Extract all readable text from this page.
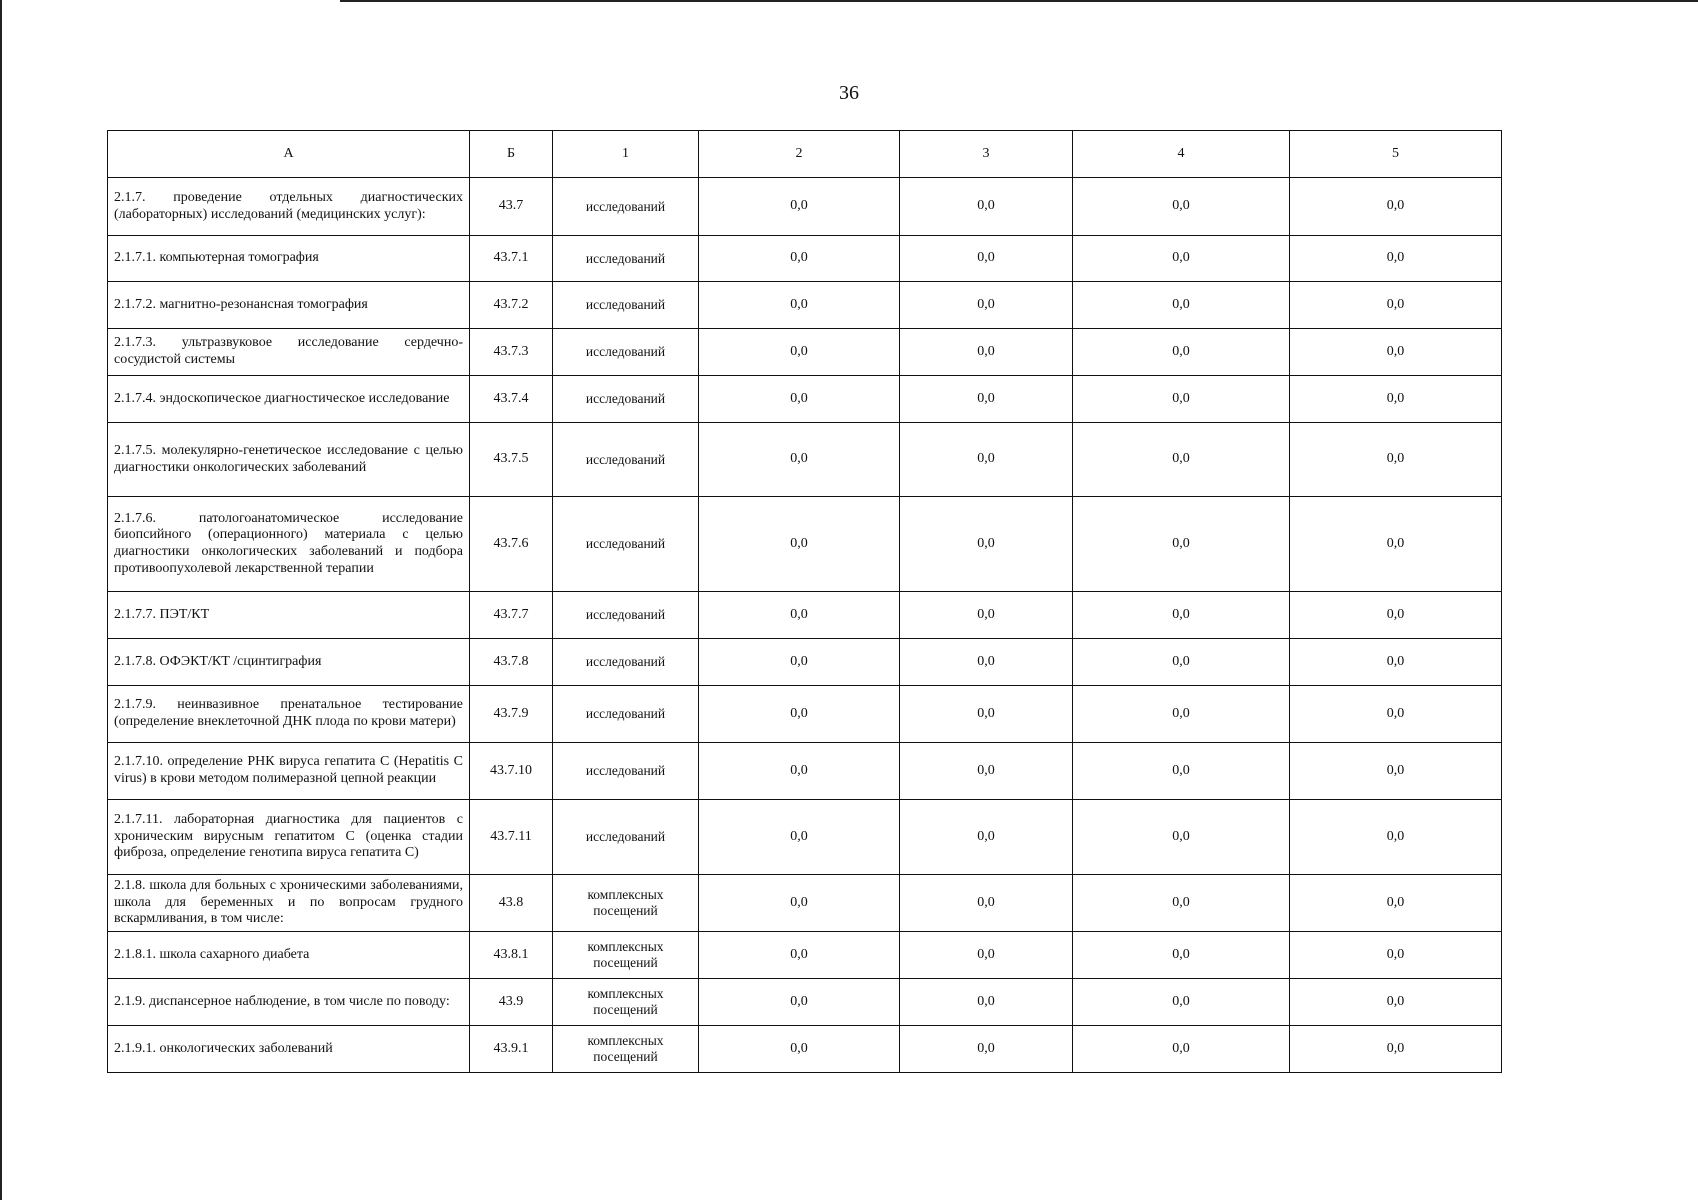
36
А	Б	1	2	3	4	5
2.1.7. проведение отдельных диагностических (лабораторных) исследований (медицинских услуг):	43.7	исследований	0,0	0,0	0,0	0,0
2.1.7.1. компьютерная томография	43.7.1	исследований	0,0	0,0	0,0	0,0
2.1.7.2. магнитно-резонансная томография	43.7.2	исследований	0,0	0,0	0,0	0,0
2.1.7.3. ультразвуковое исследование сердечно-сосудистой системы	43.7.3	исследований	0,0	0,0	0,0	0,0
2.1.7.4. эндоскопическое диагностическое исследование	43.7.4	исследований	0,0	0,0	0,0	0,0
2.1.7.5. молекулярно-генетическое исследование с целью диагностики онкологических заболеваний	43.7.5	исследований	0,0	0,0	0,0	0,0
2.1.7.6. патологоанатомическое исследование биопсийного (операционного) материала с целью диагностики онкологических заболеваний и подбора противоопухолевой лекарственной терапии	43.7.6	исследований	0,0	0,0	0,0	0,0
2.1.7.7. ПЭТ/КТ	43.7.7	исследований	0,0	0,0	0,0	0,0
2.1.7.8. ОФЭКТ/КТ /сцинтиграфия	43.7.8	исследований	0,0	0,0	0,0	0,0
2.1.7.9. неинвазивное пренатальное тестирование (определение внеклеточной ДНК плода по крови матери)	43.7.9	исследований	0,0	0,0	0,0	0,0
2.1.7.10. определение РНК вируса гепатита С (Hepatitis С virus) в крови методом полимеразной цепной реакции	43.7.10	исследований	0,0	0,0	0,0	0,0
2.1.7.11. лабораторная диагностика для пациентов с хроническим вирусным гепатитом С (оценка стадии фиброза, определение генотипа вируса гепатита С)	43.7.11	исследований	0,0	0,0	0,0	0,0
2.1.8. школа для больных с хроническими заболеваниями, школа для беременных и по вопросам грудного вскармливания, в том числе:	43.8	комплексных посещений	0,0	0,0	0,0	0,0
2.1.8.1. школа сахарного диабета	43.8.1	комплексных посещений	0,0	0,0	0,0	0,0
2.1.9. диспансерное наблюдение, в том числе по поводу:	43.9	комплексных посещений	0,0	0,0	0,0	0,0
2.1.9.1. онкологических заболеваний	43.9.1	комплексных посещений	0,0	0,0	0,0	0,0
